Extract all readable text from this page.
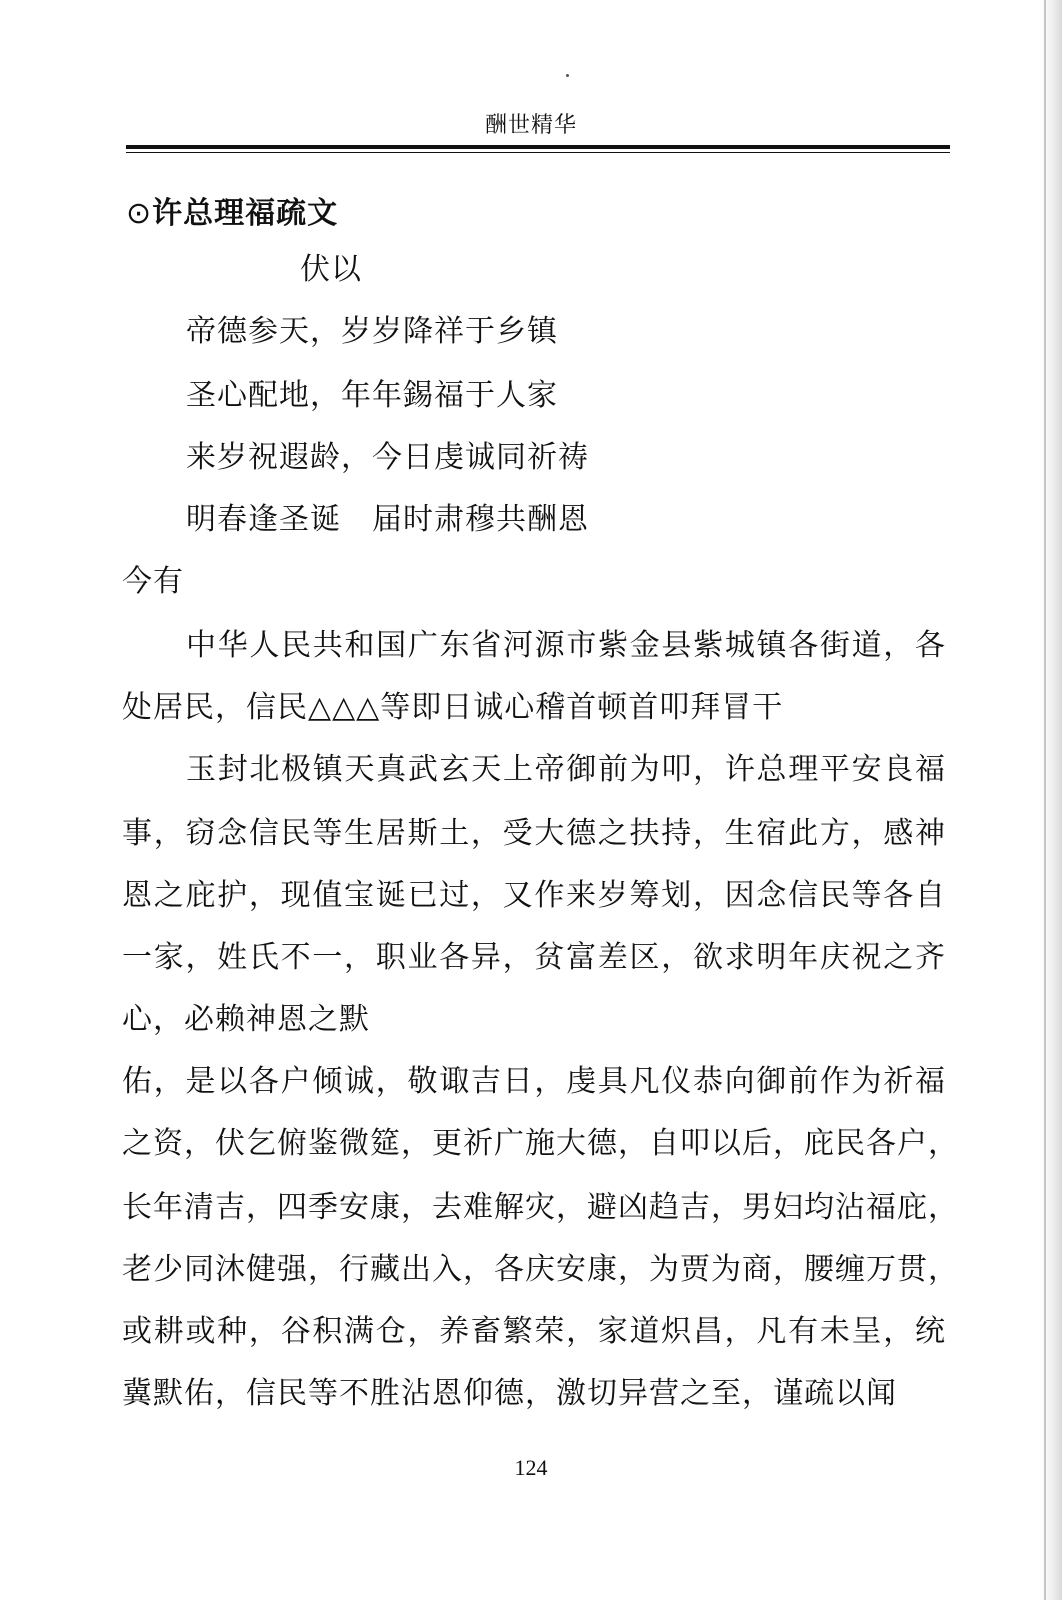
酬世精华
⊙许总理福疏文
伏以
帝德参天，岁岁降祥于乡镇
圣心配地，年年錫福于人家
来岁祝遐龄，今日虔诚同祈祷
明春逢圣诞　届时肃穆共酬恩
今有
中华人民共和国广东省河源市紫金县紫城镇各街道，各
处居民，信民△△△等即日诚心稽首顿首叩拜冒干
玉封北极镇天真武玄天上帝御前为叩，许总理平安良福
事，窃念信民等生居斯土，受大德之扶持，生宿此方，感神
恩之庇护，现值宝诞已过，又作来岁筹划，因念信民等各自
一家，姓氏不一，职业各异，贫富差区，欲求明年庆祝之齐
心，必赖神恩之默
佑，是以各户倾诚，敬诹吉日，虔具凡仪恭向御前作为祈福
之资，伏乞俯鉴微筵，更祈广施大德，自叩以后，庇民各户，
长年清吉，四季安康，去难解灾，避凶趋吉，男妇均沾福庇，
老少同沐健强，行藏出入，各庆安康，为贾为商，腰缠万贯，
或耕或种，谷积满仓，养畜繁荣，家道炽昌，凡有未呈，统
冀默佑，信民等不胜沾恩仰德，激切异营之至，谨疏以闻
124
